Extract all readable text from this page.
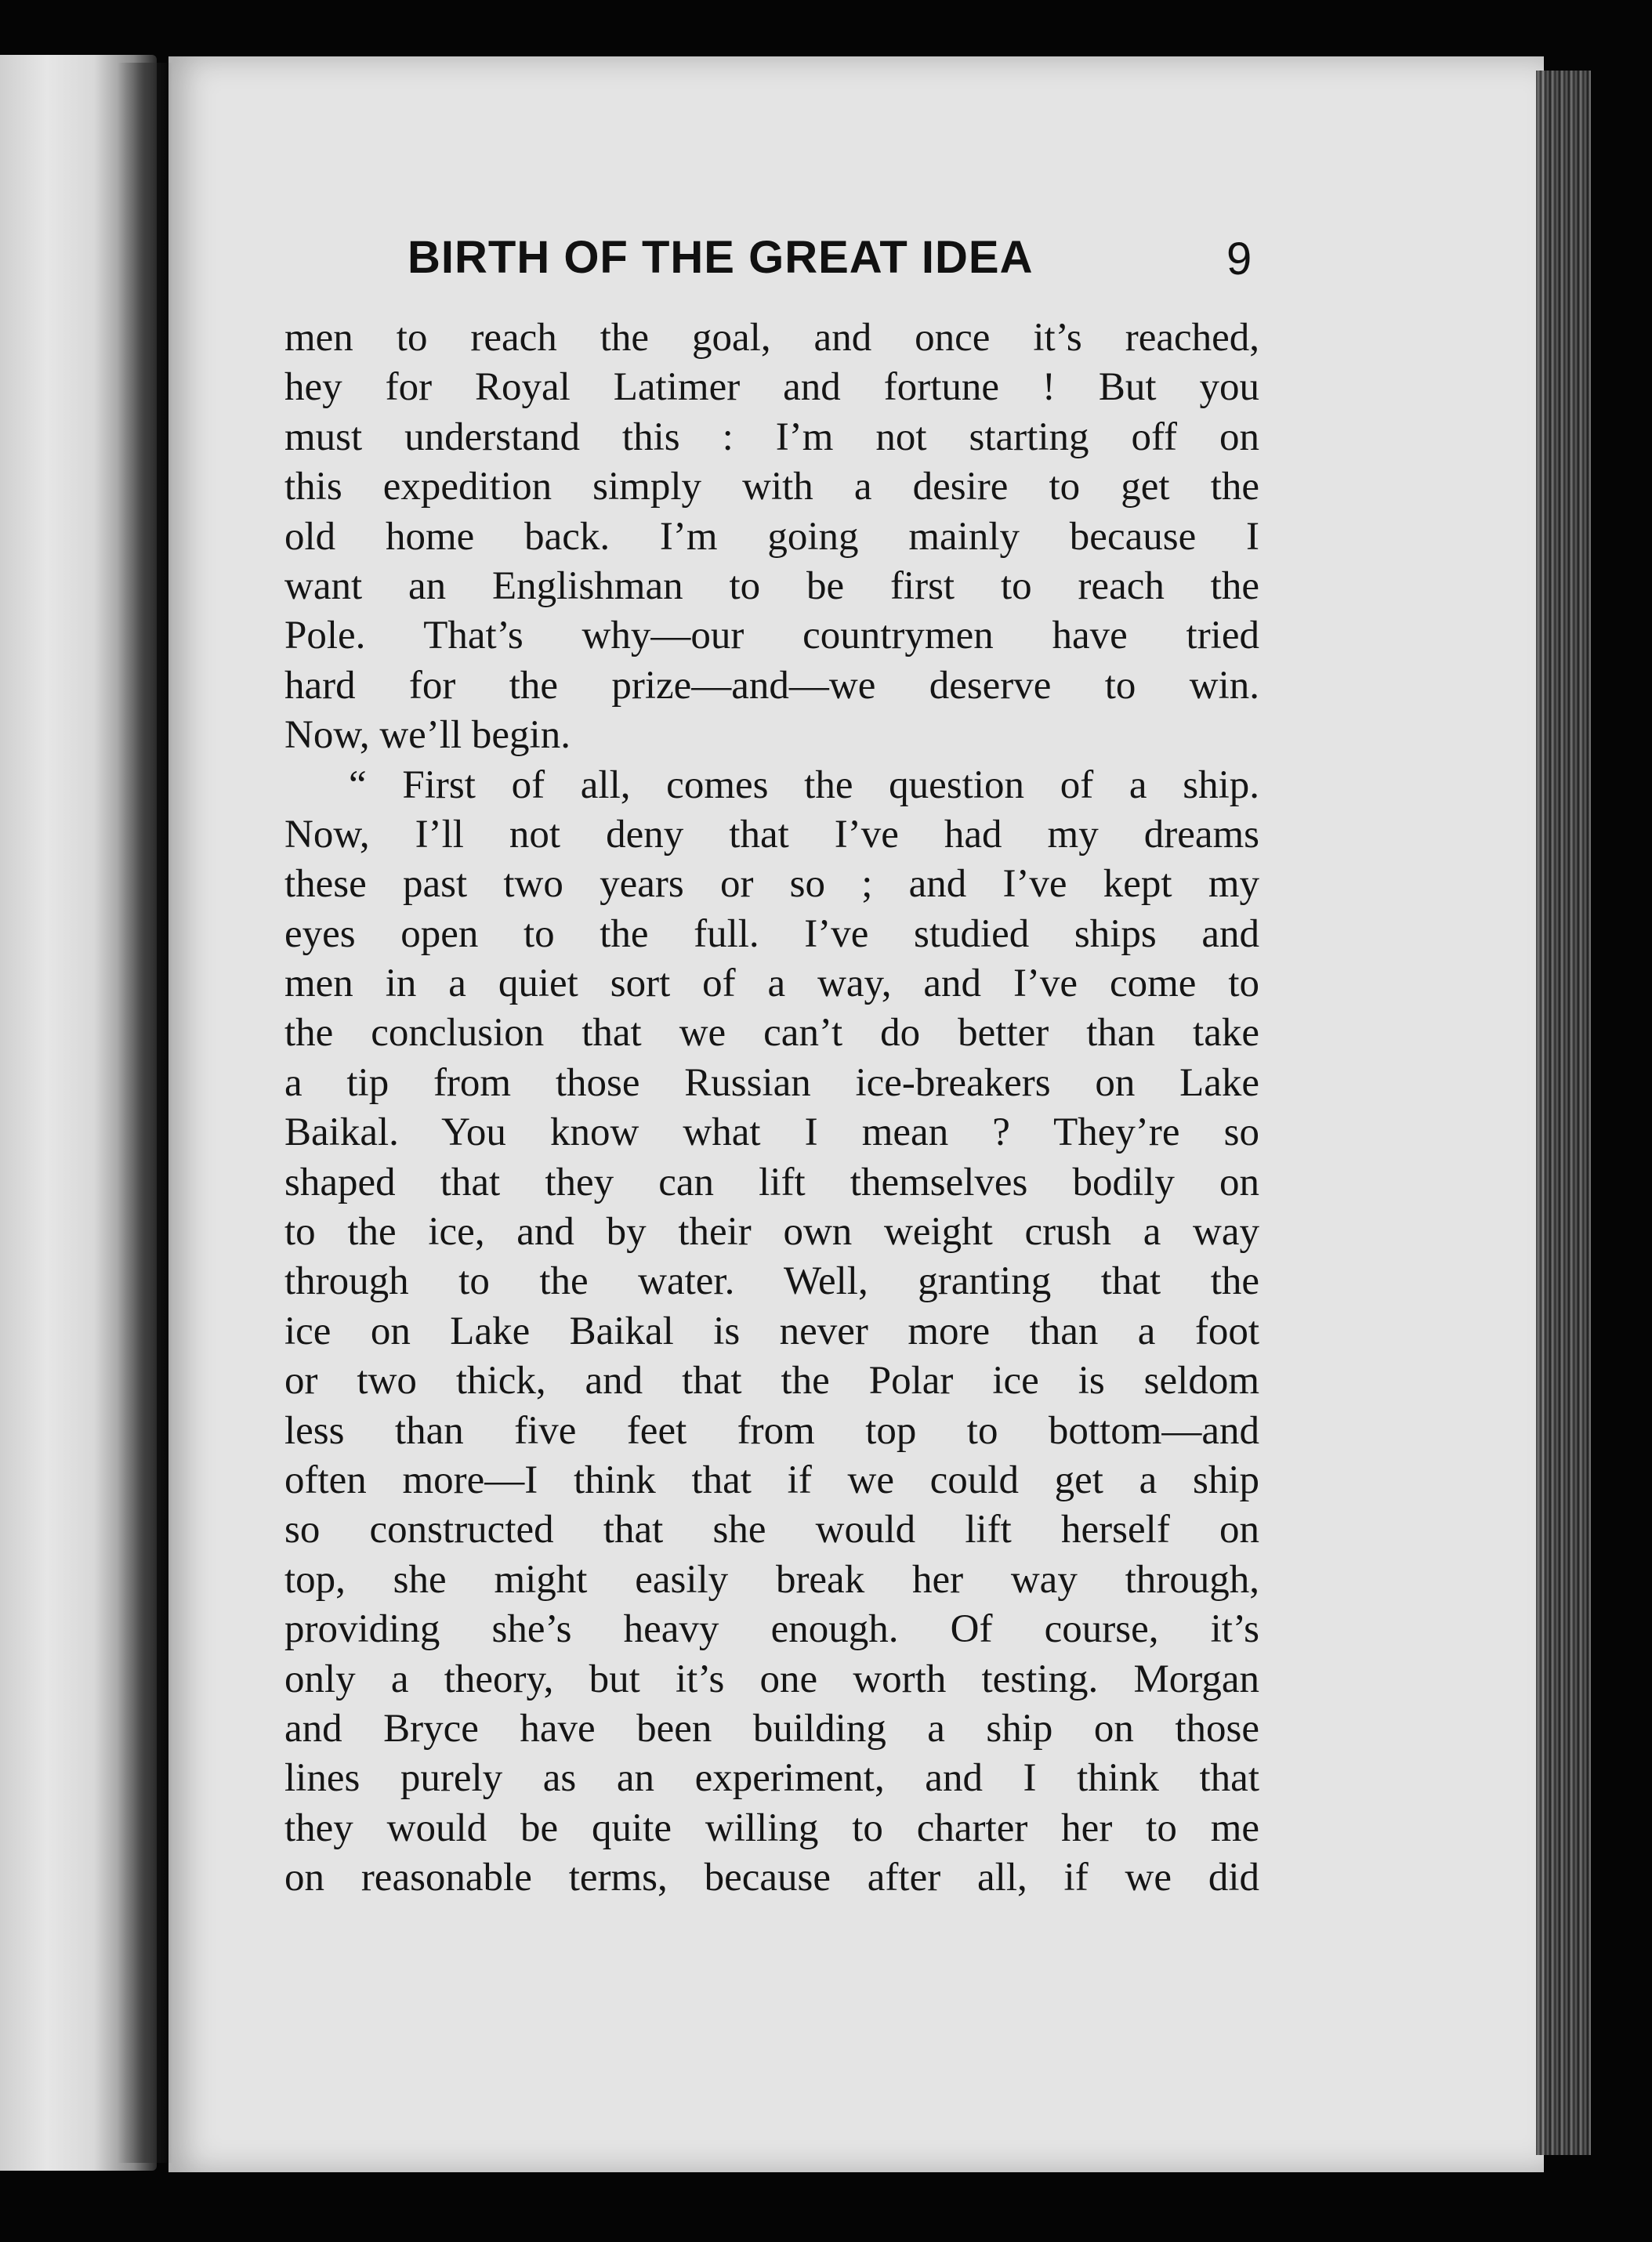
BIRTH OF THE GREAT IDEA	9
men to reach the goal, and once it’s reached,
hey for Royal Latimer and fortune ! But you
must understand this : I’m not starting off on
this expedition simply with a desire to get the
old home back. I’m going mainly because I
want an Englishman to be first to reach the
Pole. That’s why—our countrymen have tried
hard for the prize—and—we deserve to win.
Now, we’ll begin.
“ First of all, comes the question of a ship.
Now, I’ll not deny that I’ve had my dreams
these past two years or so ; and I’ve kept my
eyes open to the full. I’ve studied ships and
men in a quiet sort of a way, and I’ve come to
the conclusion that we can’t do better than take
a tip from those Russian ice-breakers on Lake
Baikal. You know what I mean ? They’re so
shaped that they can lift themselves bodily on
to the ice, and by their own weight crush a way
through to the water. Well, granting that the
ice on Lake Baikal is never more than a foot
or two thick, and that the Polar ice is seldom
less than five feet from top to bottom—and
often more—I think that if we could get a ship
so constructed that she would lift herself on
top, she might easily break her way through,
providing she’s heavy enough. Of course, it’s
only a theory, but it’s one worth testing. Morgan
and Bryce have been building a ship on those
lines purely as an experiment, and I think that
they would be quite willing to charter her to me
on reasonable terms, because after all, if we did
